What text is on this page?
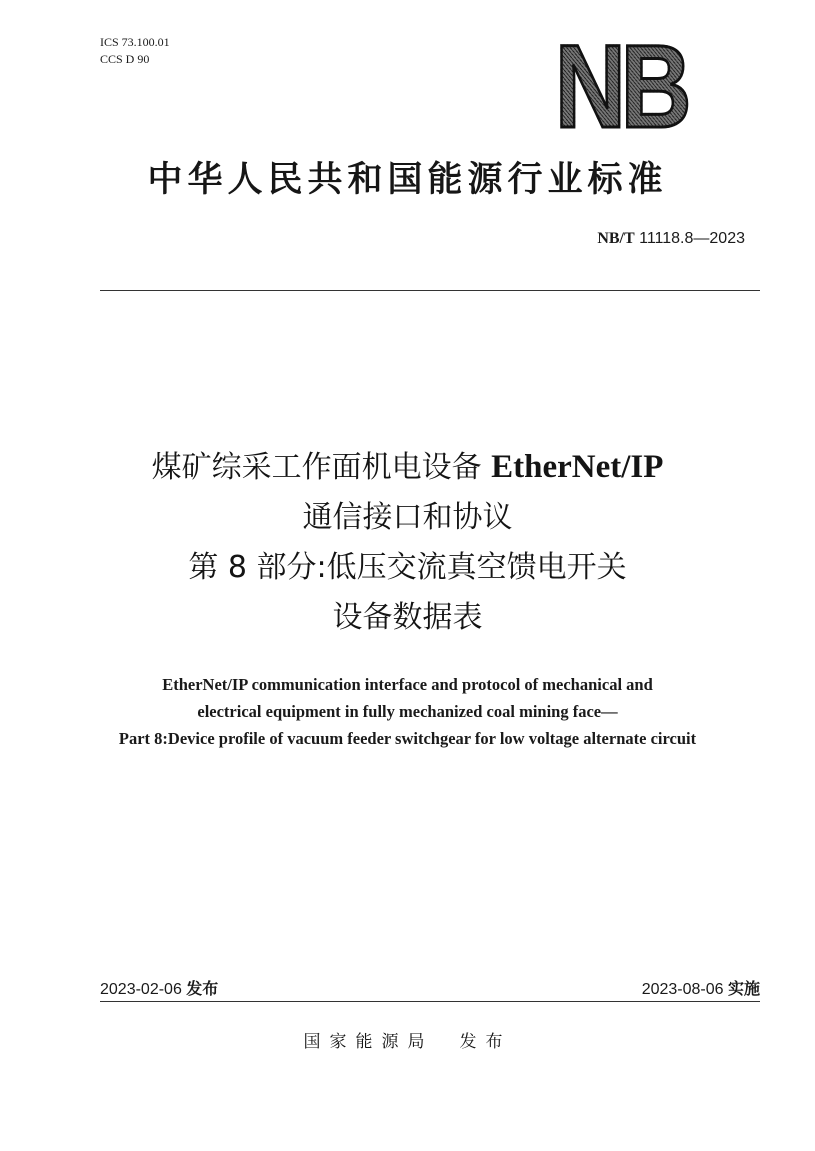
ICS 73.100.01
CCS D 90	NB
中华人民共和国能源行业标准
NB/T 11118.8—2023
煤矿综采工作面机电设备 EtherNet/IP
通信接口和协议
第 8 部分:低压交流真空馈电开关
设备数据表
EtherNet/IP communication interface and protocol of mechanical and
electrical equipment in fully mechanized coal mining face—
Part 8:Device profile of vacuum feeder switchgear for low voltage alternate circuit
2023-02-06 发布	2023-08-06 实施
国家能源局 发布
